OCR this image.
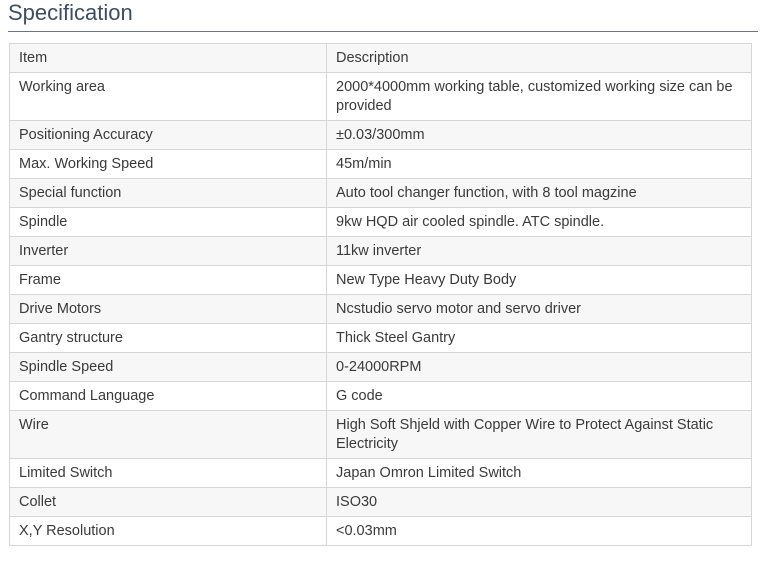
Specification
Item	Description
Working area	2000*4000mm working table, customized working size can be provided
Positioning Accuracy	±0.03/300mm
Max. Working Speed	45m/min
Special function	Auto tool changer function, with 8 tool magzine
Spindle	9kw HQD air cooled spindle. ATC spindle.
Inverter	11kw inverter
Frame	New Type Heavy Duty Body
Drive Motors	Ncstudio servo motor and servo driver
Gantry structure	Thick Steel Gantry
Spindle Speed	0-24000RPM
Command Language	G code
Wire	High Soft Shjeld with Copper Wire to Protect Against Static Electricity
Limited Switch	Japan Omron Limited Switch
Collet	ISO30
X,Y Resolution	<0.03mm
